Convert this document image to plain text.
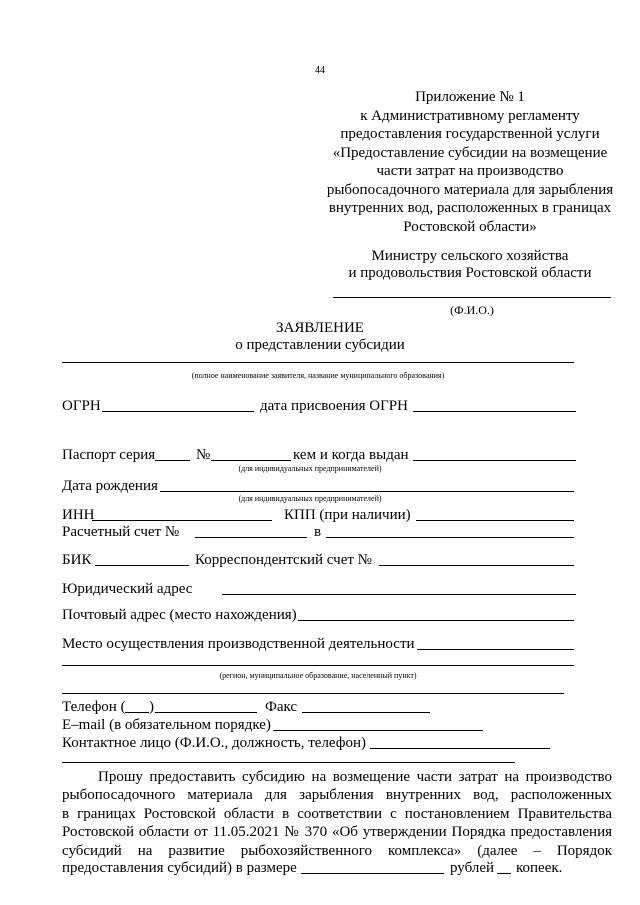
44
Приложение № 1
к Административному регламенту
предоставления государственной услуги
«Предоставление субсидии на возмещение
части затрат на производство
рыбопосадочного материала для зарыбления
внутренних вод, расположенных в границах
Ростовской области»
Министру сельского хозяйства
и продовольствия Ростовской области
(Ф.И.О.)
ЗАЯВЛЕНИЕ
о представлении субсидии
(полное наименование заявителя, название муниципального образования)
ОГРН	дата присвоения ОГРН
Паспорт серия	№	кем и когда выдан
(для индивидуальных предпринимателей)
Дата рождения
(для индивидуальных предпринимателей)
ИНН	КПП (при наличии)
Расчетный счет №	в
БИК	Корреспондентский счет №
Юридический адрес
Почтовый адрес (место нахождения)
Место осуществления производственной деятельности
(регион, муниципальное образование, населенный пункт)
Телефон ( )	Факс
E–mail (в обязательном порядке)
Контактное лицо (Ф.И.О., должность, телефон)
Прошу предоставить субсидию на возмещение части затрат на производство
рыбопосадочного материала для зарыбления внутренних вод, расположенных
в границах Ростовской области в соответствии с постановлением Правительства
Ростовской области от 11.05.2021 № 370 «Об утверждении Порядка предоставления
субсидий на развитие рыбохозяйственного комплекса» (далее – Порядок
предоставления субсидий) в размере	рублей копеек.
